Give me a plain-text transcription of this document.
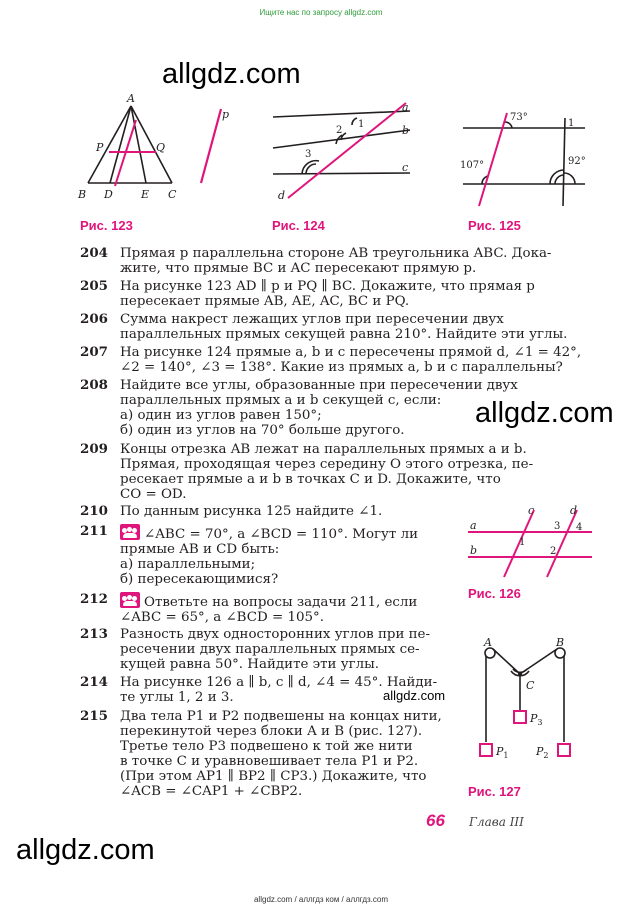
Ищите нас по запросу allgdz.com
allgdz.com
allgdz.com
allgdz.com
allgdz.com
A
p
P	Q
B D	E C
Рис. 123
a
b
c
d
1
2
3
Рис. 124
73°
1
107°	92°
Рис. 125
204 Прямая p параллельна стороне AB треугольника ABC. Дока-
жите, что прямые BC и AC пересекают прямую p.
205 На рисунке 123 AD ∥ p и PQ ∥ BC. Докажите, что прямая p
пересекает прямые AB, AE, AC, BC и PQ.
206 Сумма накрест лежащих углов при пересечении двух
параллельных прямых секущей равна 210°. Найдите эти углы.
207 На рисунке 124 прямые a, b и c пересечены прямой d, ∠1 = 42°,
∠2 = 140°, ∠3 = 138°. Какие из прямых a, b и c параллельны?
208 Найдите все углы, образованные при пересечении двух
параллельных прямых a и b секущей c, если:
а) один из углов равен 150°;
б) один из углов на 70° больше другого.
209 Концы отрезка AB лежат на параллельных прямых a и b.
Прямая, проходящая через середину O этого отрезка, пе-
ресекает прямые a и b в точках C и D. Докажите, что
CO = OD.
210 По данным рисунка 125 найдите ∠1.
211	∠ABC = 70°, а ∠BCD = 110°. Могут ли
прямые AB и CD быть:
а) параллельными;
б) пересекающимися?
212	Ответьте на вопросы задачи 211, если
∠ABC = 65°, а ∠BCD = 105°.
213 Разность двух односторонних углов при пе-
ресечении двух параллельных прямых се-
кущей равна 50°. Найдите эти углы.
214 На рисунке 126 a ∥ b, c ∥ d, ∠4 = 45°. Найди-
те углы 1, 2 и 3.
215 Два тела P1 и P2 подвешены на концах нити,
перекинутой через блоки A и B (рис. 127).
Третье тело P3 подвешено к той же нити
в точке C и уравновешивает тела P1 и P2.
(При этом AP1 ∥ BP2 ∥ CP3.) Докажите, что
∠ACB = ∠CAP1 + ∠CBP2.
c	d
a	3 4
1
b	2
Рис. 126
A	B
C
$P_3$
$P_1$	$P_2$
Рис. 127
66 Глава III
allgdz.com / аллгдз ком / аллгдз.com
